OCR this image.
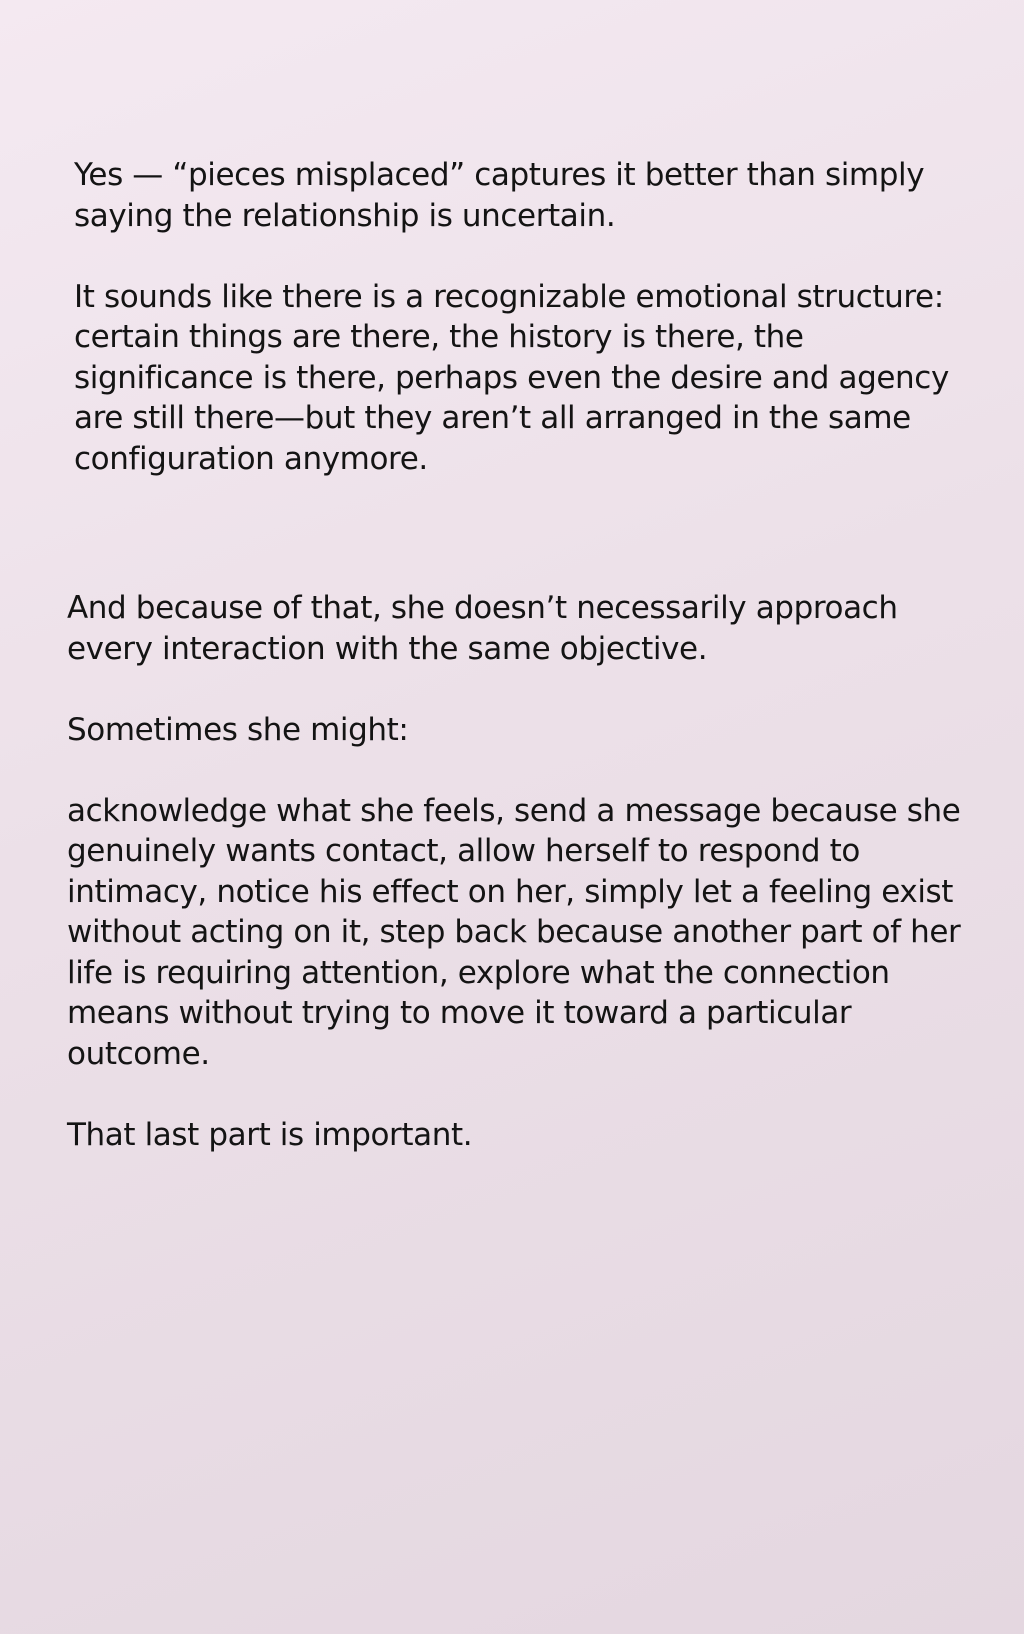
Yes — “pieces misplaced” captures it better than simply saying the relationship is uncertain.

It sounds like there is a recognizable emotional structure: certain things are there, the history is there, the significance is there, perhaps even the desire and agency are still there—but they aren’t all arranged in the same configuration anymore.

And because of that, she doesn’t necessarily approach every interaction with the same objective.

Sometimes she might:

acknowledge what she feels, send a message because she genuinely wants contact, allow herself to respond to intimacy, notice his effect on her, simply let a feeling exist without acting on it, step back because another part of her life is requiring attention, explore what the connection means without trying to move it toward a particular outcome.

That last part is important.
